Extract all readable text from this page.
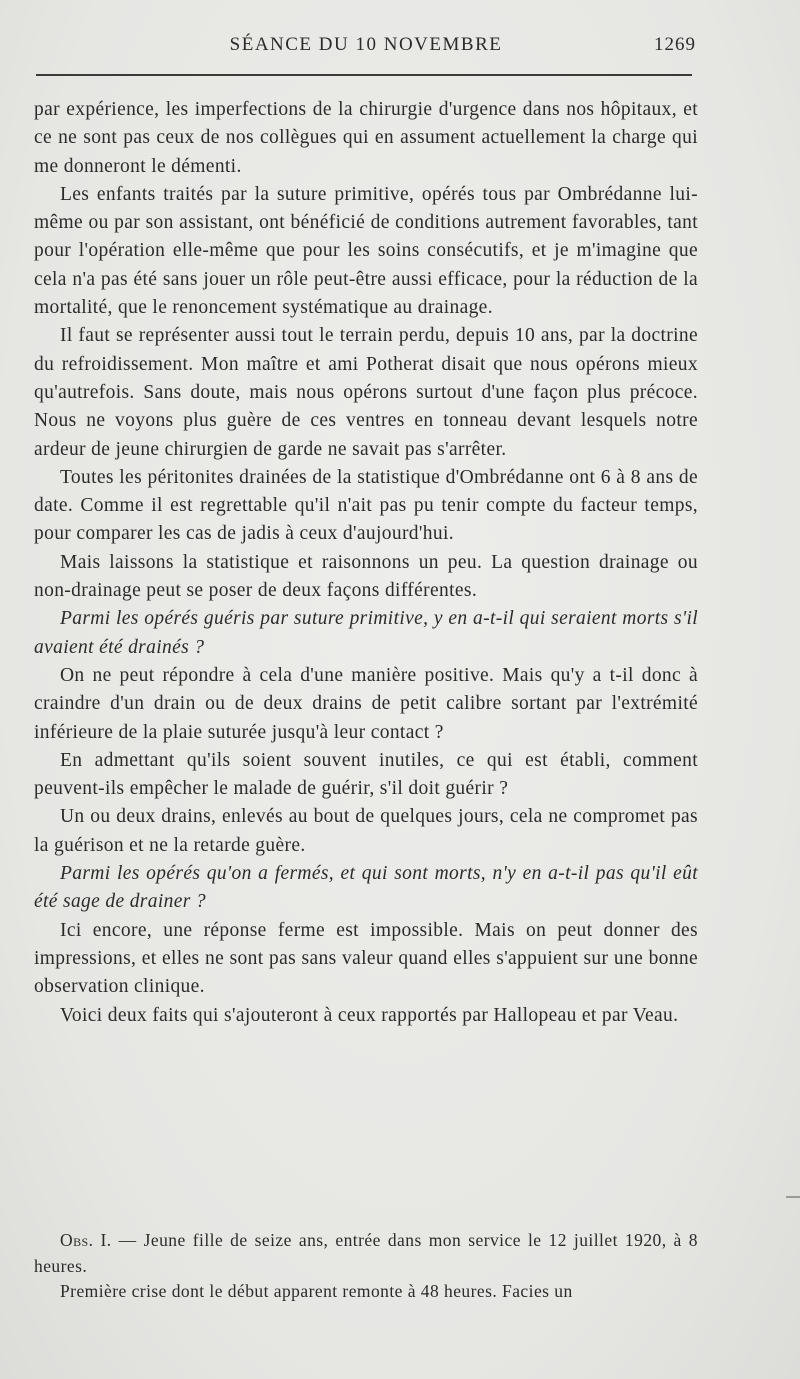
SÉANCE DU 10 NOVEMBRE	1269

par expérience, les imperfections de la chirurgie d'urgence dans nos hôpitaux, et ce ne sont pas ceux de nos collègues qui en assument actuellement la charge qui me donneront le démenti.

Les enfants traités par la suture primitive, opérés tous par Ombrédanne lui-même ou par son assistant, ont bénéficié de conditions autrement favorables, tant pour l'opération elle-même que pour les soins consécutifs, et je m'imagine que cela n'a pas été sans jouer un rôle peut-être aussi efficace, pour la réduction de la mortalité, que le renoncement systématique au drainage.

Il faut se représenter aussi tout le terrain perdu, depuis 10 ans, par la doctrine du refroidissement. Mon maître et ami Potherat disait que nous opérons mieux qu'autrefois. Sans doute, mais nous opérons surtout d'une façon plus précoce. Nous ne voyons plus guère de ces ventres en tonneau devant lesquels notre ardeur de jeune chirurgien de garde ne savait pas s'arrêter.

Toutes les péritonites drainées de la statistique d'Ombrédanne ont 6 à 8 ans de date. Comme il est regrettable qu'il n'ait pas pu tenir compte du facteur temps, pour comparer les cas de jadis à ceux d'aujourd'hui.

Mais laissons la statistique et raisonnons un peu. La question drainage ou non-drainage peut se poser de deux façons différentes.

Parmi les opérés guéris par suture primitive, y en a-t-il qui seraient morts s'il avaient été drainés ?

On ne peut répondre à cela d'une manière positive. Mais qu'y a t-il donc à craindre d'un drain ou de deux drains de petit calibre sortant par l'extrémité inférieure de la plaie suturée jusqu'à leur contact ?

En admettant qu'ils soient souvent inutiles, ce qui est établi, comment peuvent-ils empêcher le malade de guérir, s'il doit guérir ?

Un ou deux drains, enlevés au bout de quelques jours, cela ne compromet pas la guérison et ne la retarde guère.

Parmi les opérés qu'on a fermés, et qui sont morts, n'y en a-t-il pas qu'il eût été sage de drainer ?

Ici encore, une réponse ferme est impossible. Mais on peut donner des impressions, et elles ne sont pas sans valeur quand elles s'appuient sur une bonne observation clinique.

Voici deux faits qui s'ajouteront à ceux rapportés par Hallopeau et par Veau.

Obs. I. — Jeune fille de seize ans, entrée dans mon service le 12 juillet 1920, à 8 heures.

Première crise dont le début apparent remonte à 48 heures. Facies un
